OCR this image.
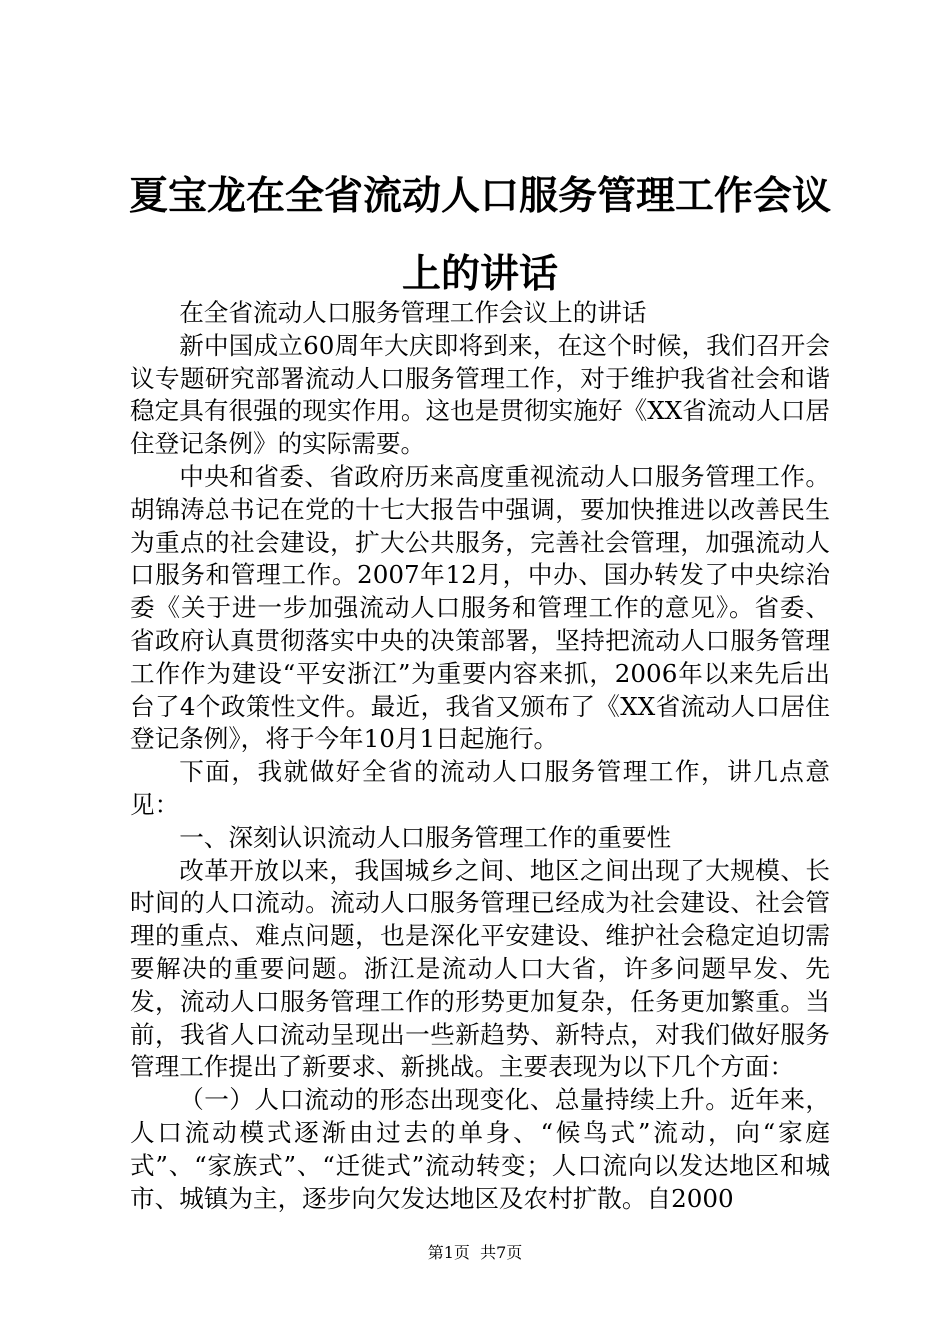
夏宝龙在全省流动人口服务管理工作会议上的讲话

在全省流动人口服务管理工作会议上的讲话

新中国成立60周年大庆即将到来，在这个时候，我们召开会议专题研究部署流动人口服务管理工作，对于维护我省社会和谐稳定具有很强的现实作用。这也是贯彻实施好《XX省流动人口居住登记条例》的实际需要。

中央和省委、省政府历来高度重视流动人口服务管理工作。胡锦涛总书记在党的十七大报告中强调，要加快推进以改善民生为重点的社会建设，扩大公共服务，完善社会管理，加强流动人口服务和管理工作。2007年12月，中办、国办转发了中央综治委《关于进一步加强流动人口服务和管理工作的意见》。省委、省政府认真贯彻落实中央的决策部署，坚持把流动人口服务管理工作作为建设“平安浙江”为重要内容来抓，2006年以来先后出台了4个政策性文件。最近，我省又颁布了《XX省流动人口居住登记条例》，将于今年10月1日起施行。

下面，我就做好全省的流动人口服务管理工作，讲几点意见：

一、深刻认识流动人口服务管理工作的重要性

改革开放以来，我国城乡之间、地区之间出现了大规模、长时间的人口流动。流动人口服务管理已经成为社会建设、社会管理的重点、难点问题，也是深化平安建设、维护社会稳定迫切需要解决的重要问题。浙江是流动人口大省，许多问题早发、先发，流动人口服务管理工作的形势更加复杂，任务更加繁重。当前，我省人口流动呈现出一些新趋势、新特点，对我们做好服务管理工作提出了新要求、新挑战。主要表现为以下几个方面：

（一）人口流动的形态出现变化、总量持续上升。近年来，人口流动模式逐渐由过去的单身、“候鸟式”流动，向“家庭式”、“家族式”、“迁徙式”流动转变；人口流向以发达地区和城市、城镇为主，逐步向欠发达地区及农村扩散。自2000

第1页  共7页
